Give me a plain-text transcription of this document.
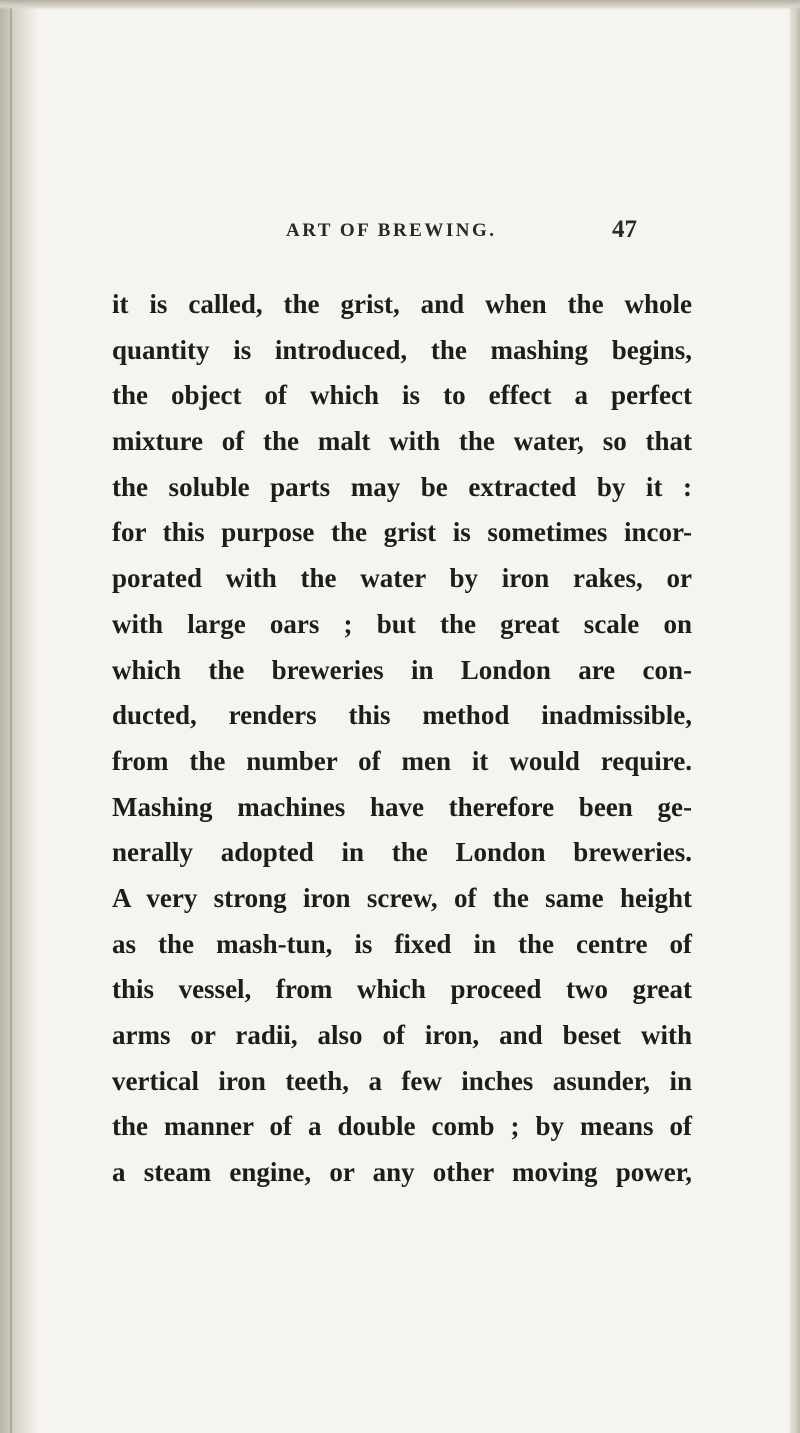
ART OF BREWING.	47
it is called, the grist, and when the whole
quantity is introduced, the mashing begins,
the object of which is to effect a perfect
mixture of the malt with the water, so that
the soluble parts may be extracted by it :
for this purpose the grist is sometimes incor-
porated with the water by iron rakes, or
with large oars ; but the great scale on
which the breweries in London are con-
ducted, renders this method inadmissible,
from the number of men it would require.
Mashing machines have therefore been ge-
nerally adopted in the London breweries.
A very strong iron screw, of the same height
as the mash-tun, is fixed in the centre of
this vessel, from which proceed two great
arms or radii, also of iron, and beset with
vertical iron teeth, a few inches asunder, in
the manner of a double comb ; by means of
a steam engine, or any other moving power,
